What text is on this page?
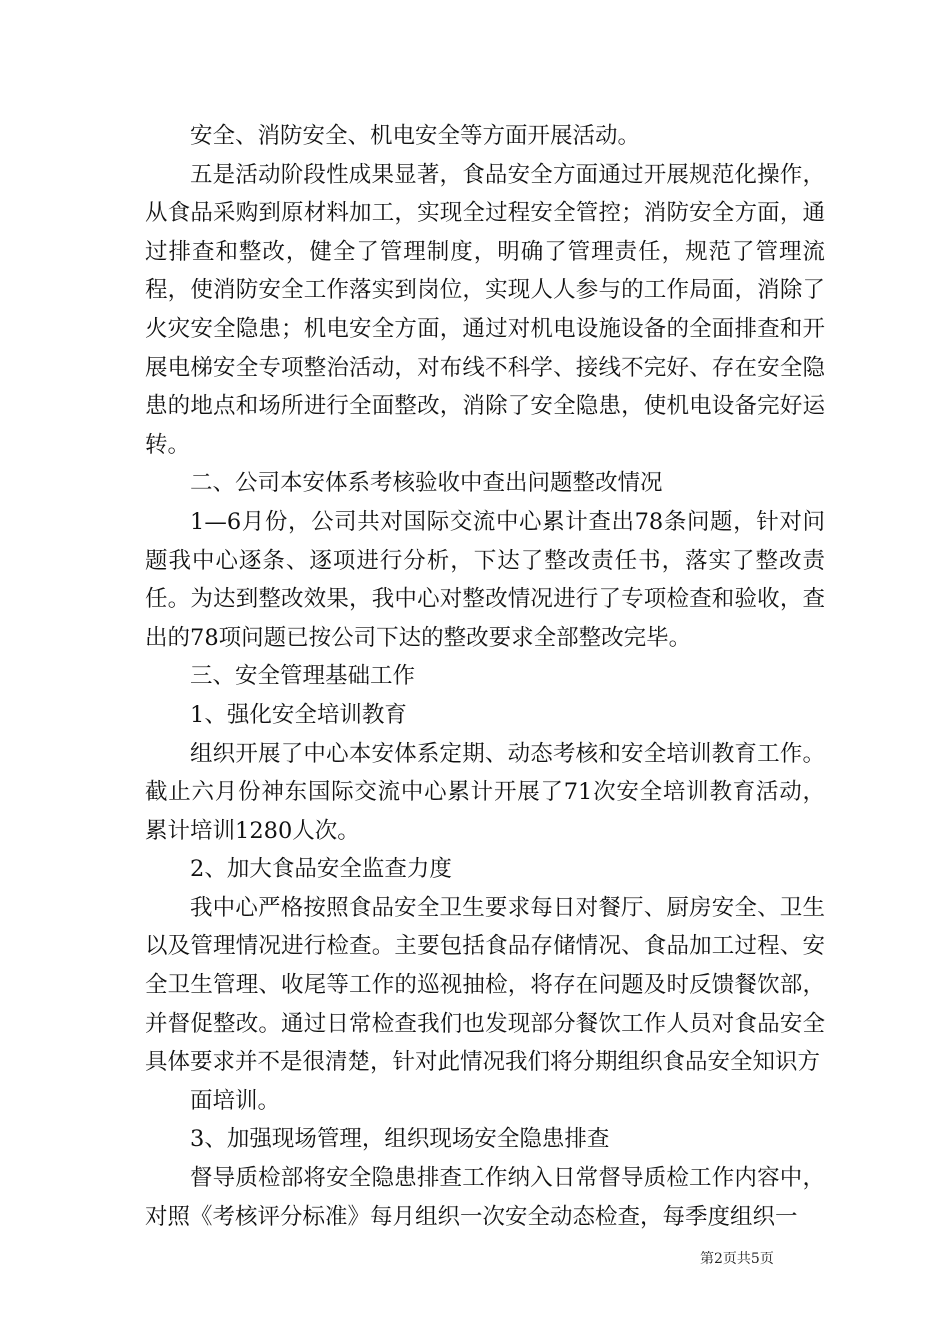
安全、消防安全、机电安全等方面开展活动。

五是活动阶段性成果显著，食品安全方面通过开展规范化操作，从食品采购到原材料加工，实现全过程安全管控；消防安全方面，通过排查和整改，健全了管理制度，明确了管理责任，规范了管理流程，使消防安全工作落实到岗位，实现人人参与的工作局面，消除了火灾安全隐患；机电安全方面，通过对机电设施设备的全面排查和开展电梯安全专项整治活动，对布线不科学、接线不完好、存在安全隐患的地点和场所进行全面整改，消除了安全隐患，使机电设备完好运转。

二、公司本安体系考核验收中查出问题整改情况

1—6月份，公司共对国际交流中心累计查出78条问题，针对问题我中心逐条、逐项进行分析，下达了整改责任书，落实了整改责任。为达到整改效果，我中心对整改情况进行了专项检查和验收，查出的78项问题已按公司下达的整改要求全部整改完毕。

三、安全管理基础工作

1、强化安全培训教育

组织开展了中心本安体系定期、动态考核和安全培训教育工作。截止六月份神东国际交流中心累计开展了71次安全培训教育活动，累计培训1280人次。

2、加大食品安全监查力度

我中心严格按照食品安全卫生要求每日对餐厅、厨房安全、卫生以及管理情况进行检查。主要包括食品存储情况、食品加工过程、安全卫生管理、收尾等工作的巡视抽检，将存在问题及时反馈餐饮部，并督促整改。通过日常检查我们也发现部分餐饮工作人员对食品安全具体要求并不是很清楚，针对此情况我们将分期组织食品安全知识方

面培训。

3、加强现场管理，组织现场安全隐患排查

督导质检部将安全隐患排查工作纳入日常督导质检工作内容中，对照《考核评分标准》每月组织一次安全动态检查，每季度组织一

第2页共5页
